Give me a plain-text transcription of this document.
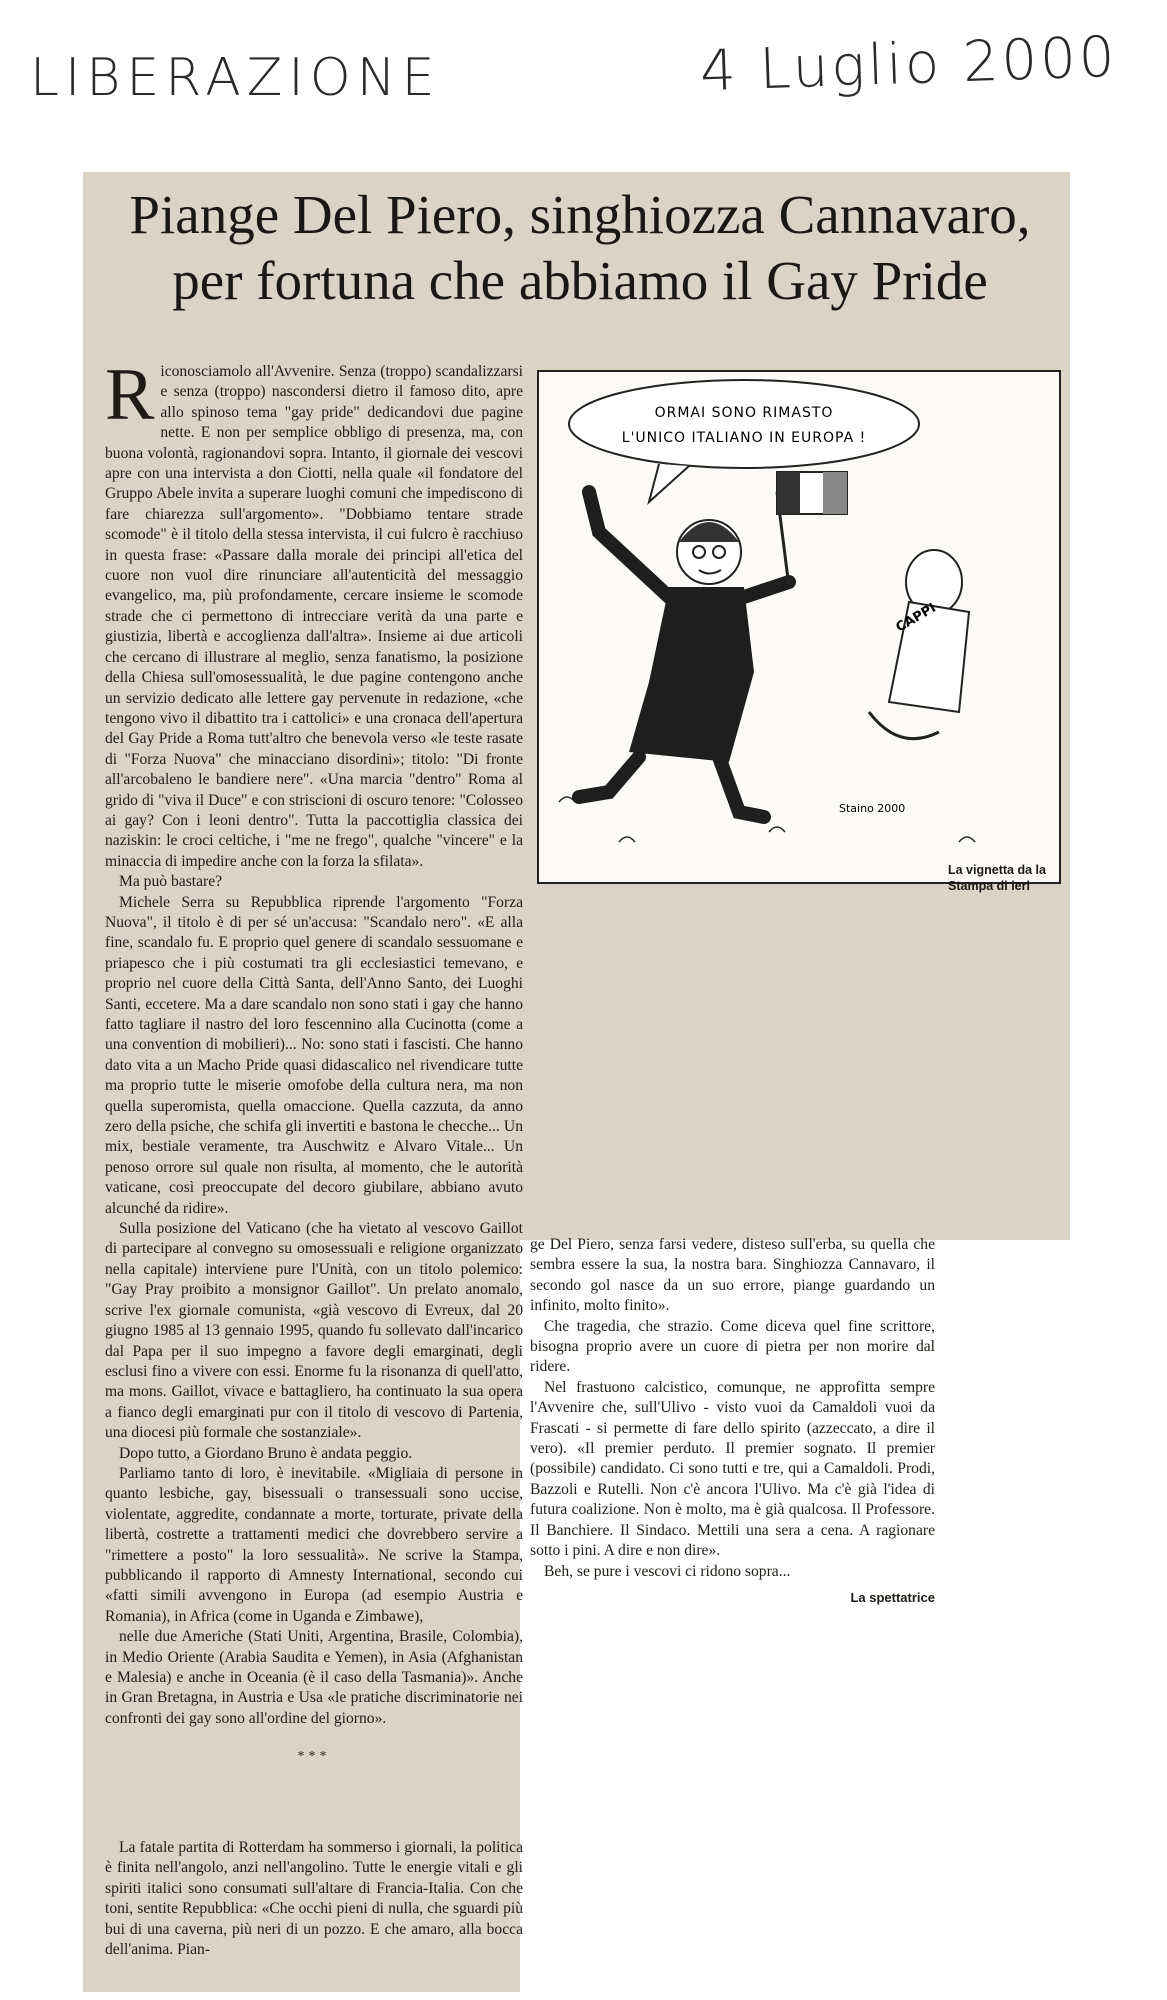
LIBERAZIONE	4 Luglio 2000
Piange Del Piero, singhiozza Cannavaro,
per fortuna che abbiamo il Gay Pride

Riconosciamolo all'Avvenire. Senza (troppo) scandalizzarsi e senza (troppo) nascondersi dietro il famoso dito, apre allo spinoso tema "gay pride" dedicandovi due pagine nette. E non per semplice obbligo di presenza, ma, con buona volontà, ragionandovi sopra. Intanto, il giornale dei vescovi apre con una intervista a don Ciotti, nella quale «il fondatore del Gruppo Abele invita a superare luoghi comuni che impediscono di fare chiarezza sull'argomento». "Dobbiamo tentare strade scomode" è il titolo della stessa intervista, il cui fulcro è racchiuso in questa frase: «Passare dalla morale dei principi all'etica del cuore non vuol dire rinunciare all'autenticità del messaggio evangelico, ma, più profondamente, cercare insieme le scomode strade che ci permettono di intrecciare verità da una parte e giustizia, libertà e accoglienza dall'altra». Insieme ai due articoli che cercano di illustrare al meglio, senza fanatismo, la posizione della Chiesa sull'omosessualità, le due pagine contengono anche un servizio dedicato alle lettere gay pervenute in redazione, «che tengono vivo il dibattito tra i cattolici» e una cronaca dell'apertura del Gay Pride a Roma tutt'altro che benevola verso «le teste rasate di "Forza Nuova" che minacciano disordini»; titolo: "Di fronte all'arcobaleno le bandiere nere". «Una marcia "dentro" Roma al grido di "viva il Duce" e con striscioni di oscuro tenore: "Colosseo ai gay? Con i leoni dentro". Tutta la paccottiglia classica dei naziskin: le croci celtiche, i "me ne frego", qualche "vincere" e la minaccia di impedire anche con la forza la sfilata».

Ma può bastare?

Michele Serra su Repubblica riprende l'argomento "Forza Nuova", il titolo è di per sé un'accusa: "Scandalo nero". «E alla fine, scandalo fu. E proprio quel genere di scandalo sessuomane e priapesco che i più costumati tra gli ecclesiastici temevano, e proprio nel cuore della Città Santa, dell'Anno Santo, dei Luoghi Santi, eccetere. Ma a dare scandalo non sono stati i gay che hanno fatto tagliare il nastro del loro fescennino alla Cucinotta (come a una convention di mobilieri)... No: sono stati i fascisti. Che hanno dato vita a un Macho Pride quasi didascalico nel rivendicare tutte ma proprio tutte le miserie omofobe della cultura nera, ma non quella superomista, quella omaccione. Quella cazzuta, da anno zero della psiche, che schifa gli invertiti e bastona le checche... Un mix, bestiale veramente, tra Auschwitz e Alvaro Vitale... Un penoso orrore sul quale non risulta, al momento, che le autorità vaticane, così preoccupate del decoro giubilare, abbiano avuto alcunché da ridire».

Sulla posizione del Vaticano (che ha vietato al vescovo Gaillot di partecipare al convegno su omosessuali e religione organizzato nella capitale) interviene pure l'Unità, con un titolo polemico: "Gay Pray proibito a monsignor Gaillot". Un prelato anomalo, scrive l'ex giornale comunista, «già vescovo di Evreux, dal 20 giugno 1985 al 13 gennaio 1995, quando fu sollevato dall'incarico dal Papa per il suo impegno a favore degli emarginati, degli esclusi fino a vivere con essi. Enorme fu la risonanza di quell'atto, ma mons. Gaillot, vivace e battagliero, ha continuato la sua opera a fianco degli emarginati pur con il titolo di vescovo di Partenia, una diocesi più formale che sostanziale».

Dopo tutto, a Giordano Bruno è andata peggio.

Parliamo tanto di loro, è inevitabile. «Migliaia di persone in quanto lesbiche, gay, bisessuali o transessuali sono uccise, violentate, aggredite, condannate a morte, torturate, private della libertà, costrette a trattamenti medici che dovrebbero servire a "rimettere a posto" la loro sessualità». Ne scrive la Stampa, pubblicando il rapporto di Amnesty International, secondo cui «fatti simili avvengono in Europa (ad esempio Austria e Romania), in Africa (come in Uganda e Zimbawe),

nelle due Americhe (Stati Uniti, Argentina, Brasile, Colombia), in Medio Oriente (Arabia Saudita e Yemen), in Asia (Afghanistan e Malesia) e anche in Oceania (è il caso della Tasmania)». Anche in Gran Bretagna, in Austria e Usa «le pratiche discriminatorie nei confronti dei gay sono all'ordine del giorno».

***

La fatale partita di Rotterdam ha sommerso i giornali, la politica è finita nell'angolo, anzi nell'angolino. Tutte le energie vitali e gli spiriti italici sono consumati sull'altare di Francia-Italia. Con che toni, sentite Repubblica: «Che occhi pieni di nulla, che sguardi più bui di una caverna, più neri di un pozzo. E che amaro, alla bocca dell'anima. Pian-

ORMAI SONO RIMASTO
L'UNICO ITALIANO IN EUROPA !
CAPPI
Staino 2000
La vignetta da la Stampa di ieri

ge Del Piero, senza farsi vedere, disteso sull'erba, su quella che sembra essere la sua, la nostra bara. Singhiozza Cannavaro, il secondo gol nasce da un suo errore, piange guardando un infinito, molto finito».

Che tragedia, che strazio. Come diceva quel fine scrittore, bisogna proprio avere un cuore di pietra per non morire dal ridere.

Nel frastuono calcistico, comunque, ne approfitta sempre l'Avvenire che, sull'Ulivo - visto vuoi da Camaldoli vuoi da Frascati - si permette di fare dello spirito (azzeccato, a dire il vero). «Il premier perduto. Il premier sognato. Il premier (possibile) candidato. Ci sono tutti e tre, qui a Camaldoli. Prodi, Bazzoli e Rutelli. Non c'è ancora l'Ulivo. Ma c'è già l'idea di futura coalizione. Non è molto, ma è già qualcosa. Il Professore. Il Banchiere. Il Sindaco. Mettili una sera a cena. A ragionare sotto i pini. A dire e non dire».

Beh, se pure i vescovi ci ridono sopra...

La spettatrice
